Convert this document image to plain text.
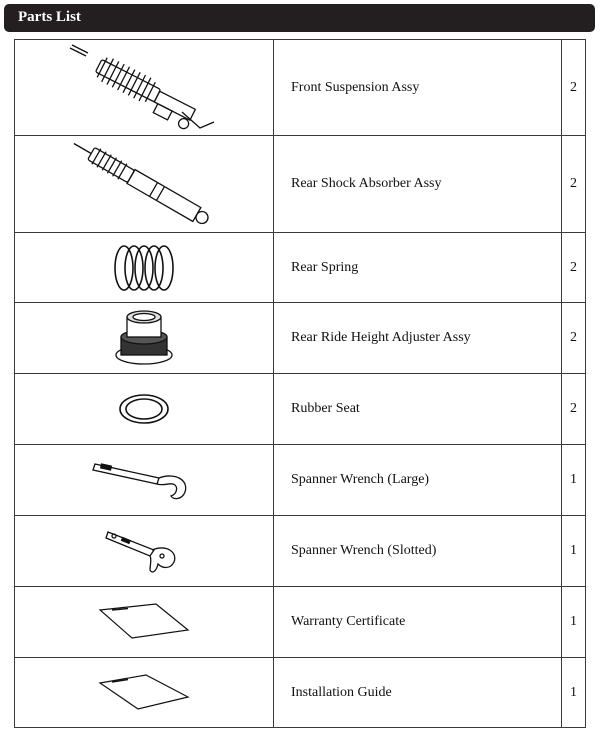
Parts List
	Front Suspension Assy	2

	Rear Shock Absorber Assy	2

	Rear Spring	2

	Rear Ride Height Adjuster Assy	2

	Rubber Seat	2

	Spanner Wrench (Large)	1

	Spanner Wrench (Slotted)	1

	Warranty Certificate	1

	Installation Guide	1
